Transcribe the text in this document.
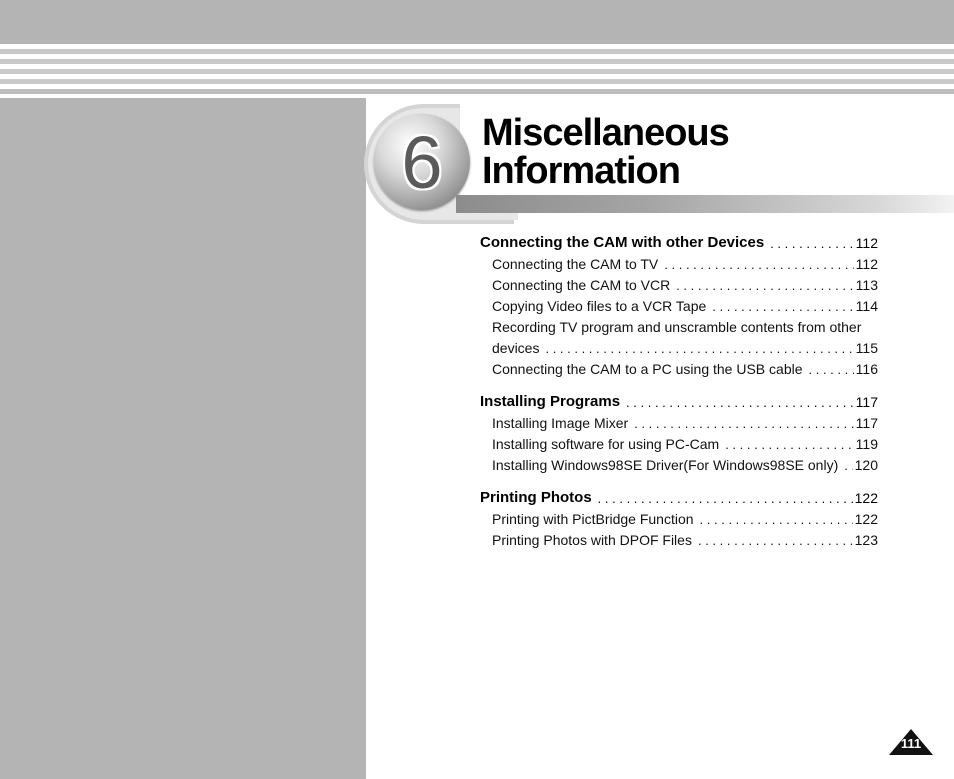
6	Miscellaneous
Information
Connecting the CAM with other Devices . . .	112
Connecting the CAM to TV . . .	112
Connecting the CAM to VCR . . .	113
Copying Video files to a VCR Tape . . .	114
Recording TV program and unscramble contents from other
devices . . .	115
Connecting the CAM to a PC using the USB cable . . .	116
Installing Programs . . .	117
Installing Image Mixer . . .	117
Installing software for using PC-Cam . . .	119
Installing Windows98SE Driver(For Windows98SE only) . . .	120
Printing Photos . . .	122
Printing with PictBridge Function . . .	122
Printing Photos with DPOF Files . . .	123
111
